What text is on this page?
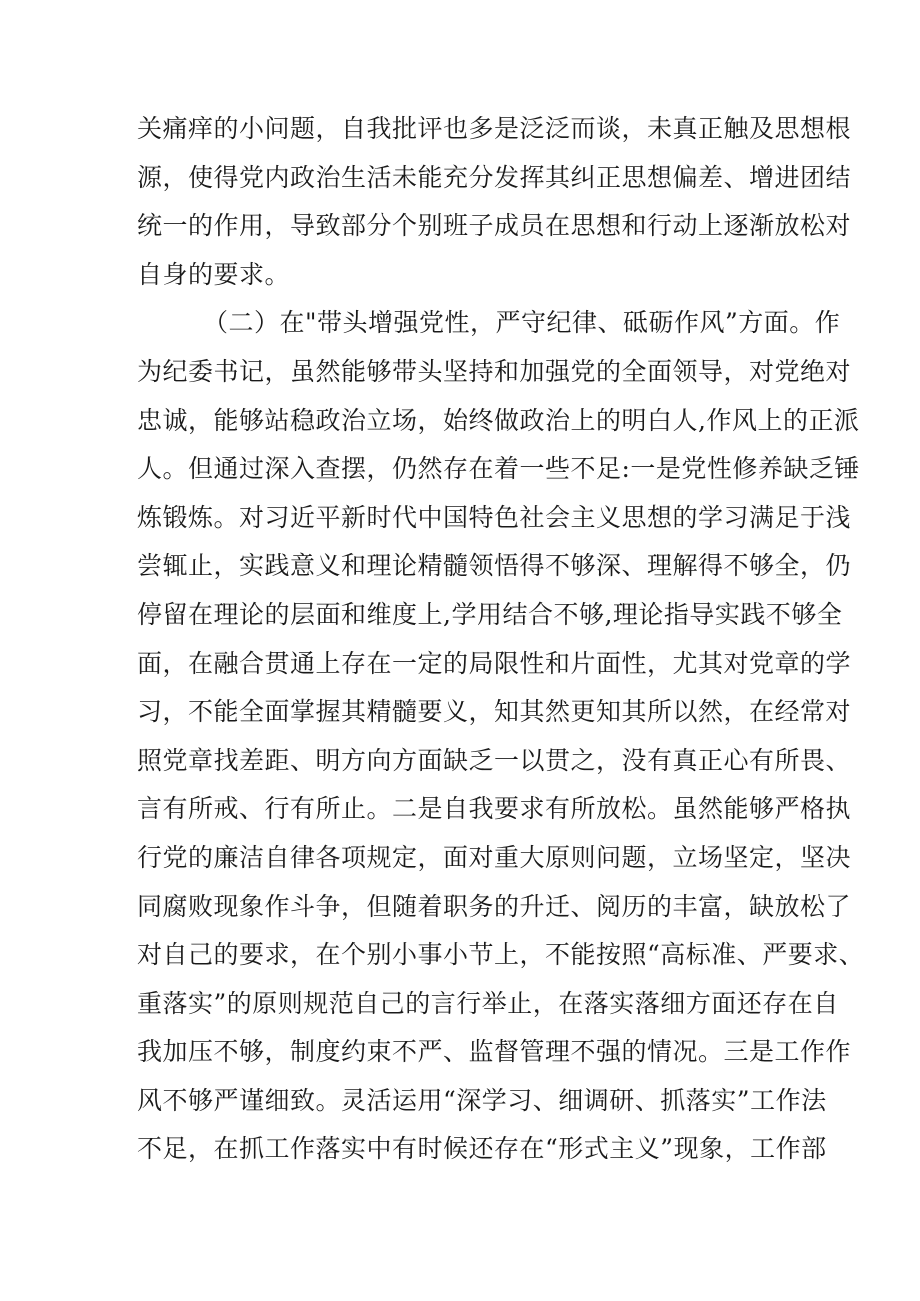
关痛痒的小问题，自我批评也多是泛泛而谈，未真正触及思想根
源，使得党内政治生活未能充分发挥其纠正思想偏差、增进团结
统一的作用，导致部分个别班子成员在思想和行动上逐渐放松对
自身的要求。
（二）在"带头增强党性，严守纪律、砥砺作风”方面。作
为纪委书记，虽然能够带头坚持和加强党的全面领导，对党绝对
忠诚，能够站稳政治立场，始终做政治上的明白人,作风上的正派
人。但通过深入查摆，仍然存在着一些不足:一是党性修养缺乏锤
炼锻炼。对习近平新时代中国特色社会主义思想的学习满足于浅
尝辄止，实践意义和理论精髓领悟得不够深、理解得不够全，仍
停留在理论的层面和维度上,学用结合不够,理论指导实践不够全
面，在融合贯通上存在一定的局限性和片面性，尤其对党章的学
习，不能全面掌握其精髓要义，知其然更知其所以然，在经常对
照党章找差距、明方向方面缺乏一以贯之，没有真正心有所畏、
言有所戒、行有所止。二是自我要求有所放松。虽然能够严格执
行党的廉洁自律各项规定，面对重大原则问题，立场坚定，坚决
同腐败现象作斗争，但随着职务的升迁、阅历的丰富，缺放松了
对自己的要求，在个别小事小节上，不能按照“高标准、严要求、
重落实”的原则规范自己的言行举止，在落实落细方面还存在自
我加压不够，制度约束不严、监督管理不强的情况。三是工作作
风不够严谨细致。灵活运用“深学习、细调研、抓落实”工作法
不足，在抓工作落实中有时候还存在“形式主义”现象，工作部
